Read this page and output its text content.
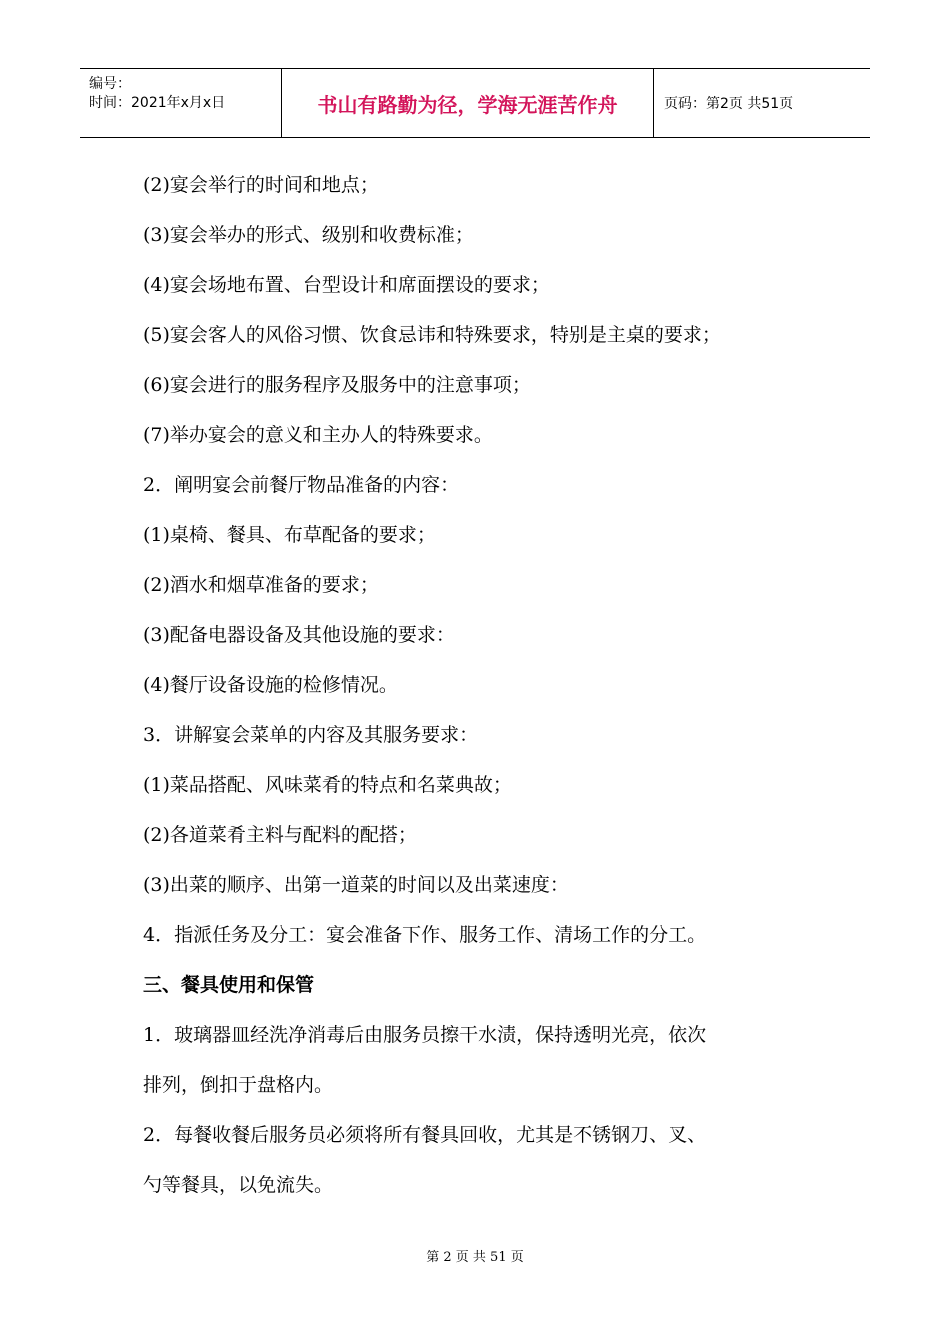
编号：
时间：2021年x月x日	书山有路勤为径，学海无涯苦作舟	页码：第2页 共51页
(2)宴会举行的时间和地点；
(3)宴会举办的形式、级别和收费标准；
(4)宴会场地布置、台型设计和席面摆设的要求；
(5)宴会客人的风俗习惯、饮食忌讳和特殊要求，特别是主桌的要求；
(6)宴会进行的服务程序及服务中的注意事项；
(7)举办宴会的意义和主办人的特殊要求。
2．阐明宴会前餐厅物品准备的内容：
(1)桌椅、餐具、布草配备的要求；
(2)酒水和烟草准备的要求；
(3)配备电器设备及其他设施的要求：
(4)餐厅设备设施的检修情况。
3．讲解宴会菜单的内容及其服务要求：
(1)菜品搭配、风味菜肴的特点和名菜典故；
(2)各道菜肴主料与配料的配搭；
(3)出菜的顺序、出第一道菜的时间以及出菜速度：
4．指派任务及分工：宴会准备下作、服务工作、清场工作的分工。
三、餐具使用和保管
1．玻璃器皿经洗净消毒后由服务员擦干水渍，保持透明光亮，依次
排列，倒扣于盘格内。
2．每餐收餐后服务员必须将所有餐具回收，尤其是不锈钢刀、叉、
勺等餐具，以免流失。
第 2 页 共 51 页
